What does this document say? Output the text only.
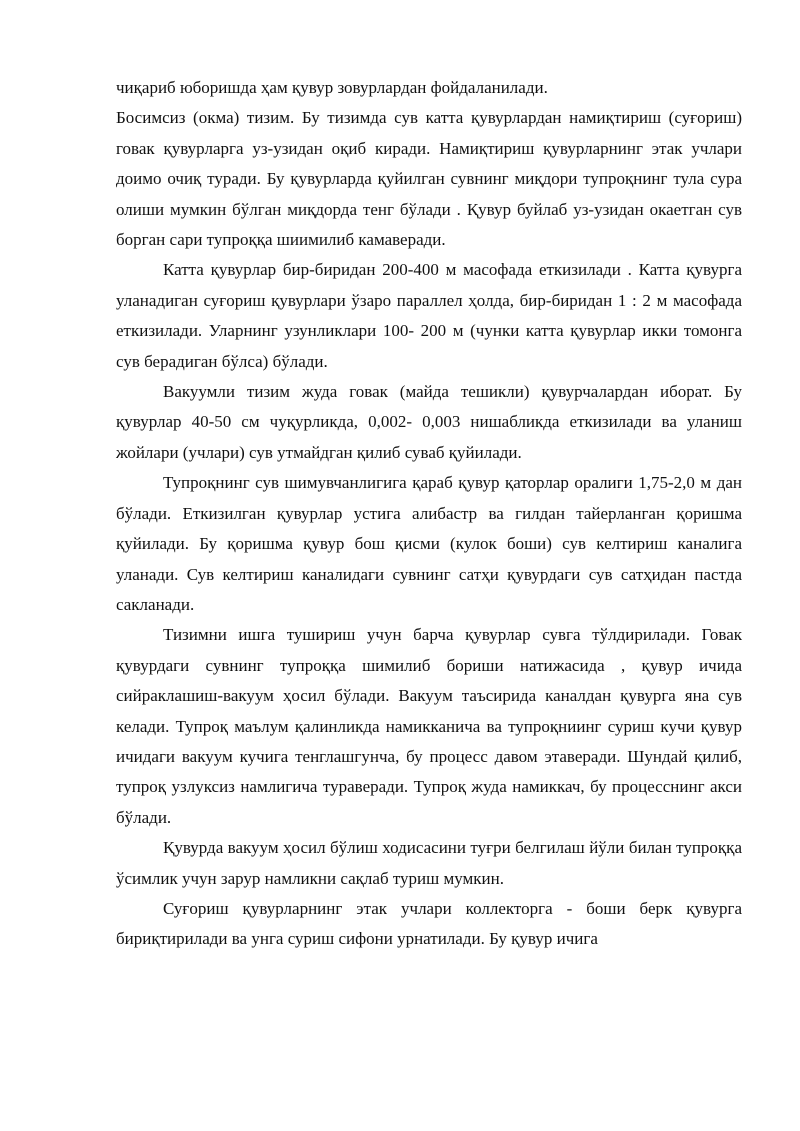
чиқариб юборишда ҳам қувур зовурлардан фойдаланилади.

Босимсиз (окма) тизим. Бу тизимда сув катта қувурлардан намиқтириш (суғориш) говак қувурларга уз-узидан оқиб киради. Намиқтириш қувурларнинг этак учлари доимо очиқ туради. Бу қувурларда қуйилган сувнинг миқдори тупроқнинг тула сура олиши мумкин бўлган миқдорда тенг бўлади . Қувур буйлаб уз-узидан окаетган сув борган сари тупроққа шиимилиб камаверади.

Катта қувурлар бир-биридан 200-400 м масофада еткизилади . Катта қувурга уланадиган суғориш қувурлари ўзаро параллел ҳолда, бир-биридан 1 : 2 м масофада еткизилади. Уларнинг узунликлари 100- 200 м (чунки катта қувурлар икки томонга сув берадиган бўлса) бўлади.

Вакуумли тизим жуда говак (майда тешикли) қувурчалардан иборат. Бу қувурлар 40-50 см чуқурликда, 0,002- 0,003 нишабликда еткизилади ва уланиш жойлари (учлари) сув утмайдган қилиб суваб қуйилади.

Тупроқнинг сув шимувчанлигига қараб қувур қаторлар оралиги 1,75-2,0 м дан бўлади. Еткизилган қувурлар устига алибастр ва гилдан тайерланган қоришма қуйилади. Бу қоришма қувур бош қисми (кулок боши) сув келтириш каналига уланади. Сув келтириш каналидаги сувнинг сатҳи қувурдаги сув сатҳидан пастда сакланади.

Тизимни ишга тушириш учун барча қувурлар сувга тўлдирилади. Говак қувурдаги сувнинг тупроққа шимилиб бориши натижасида , қувур ичида сийраклашиш-вакуум ҳосил бўлади. Вакуум таъсирида каналдан қувурга яна сув келади. Тупроқ маълум қалинликда намикканича ва тупроқниинг суриш кучи қувур ичидаги вакуум кучига тенглашгунча, бу процесс давом этаверади. Шундай қилиб, тупроқ узлуксиз намлигича тураверади. Тупроқ жуда намиккач, бу процесснинг акси бўлади.

Қувурда вакуум ҳосил бўлиш ходисасини туғри белгилаш йўли билан тупроққа ўсимлик учун зарур намликни сақлаб туриш мумкин.

Суғориш қувурларнинг этак учлари коллекторга - боши берк қувурга бириқтирилади ва унга суриш сифони урнатилади. Бу қувур ичига
